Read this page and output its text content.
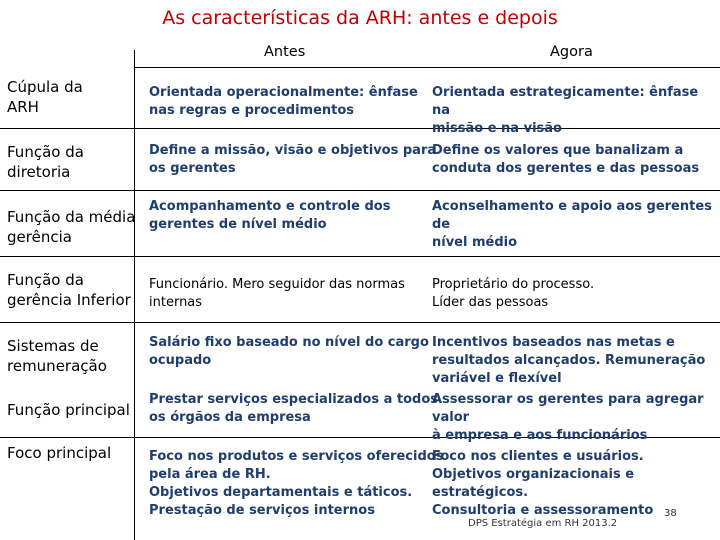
As características da ARH: antes e depois
Antes	Agora
Cúpula da
ARH
Orientada operacionalmente: ênfase
nas regras e procedimentos
Orientada estrategicamente: ênfase na
missão e na visão
Função da
diretoria
Define a missão, visão e objetivos para
os gerentes
Define os valores que banalizam a
conduta dos gerentes e das pessoas
Função da média
gerência
Acompanhamento e controle dos
gerentes de nível médio
Aconselhamento e apoio aos gerentes de
nível médio
Função da
gerência Inferior
Funcionário. Mero seguidor das normas
internas
Proprietário do processo.
Líder das pessoas
Sistemas de
remuneração
Salário fixo baseado no nível do cargo
ocupado
Incentivos baseados nas metas e
resultados alcançados. Remuneração
variável e flexível
Função principal
Prestar serviços especializados a todos
os órgãos da empresa
Assessorar os gerentes para agregar valor
à empresa e aos funcionários
Foco principal	Foco nos produtos e serviços oferecidos
pela área de RH.
Objetivos departamentais e táticos.
Prestação de serviços internos
Foco nos clientes e usuários.
Objetivos organizacionais e estratégicos.
Consultoria e assessoramento
DPS Estratégia em RH 2013.2
38
